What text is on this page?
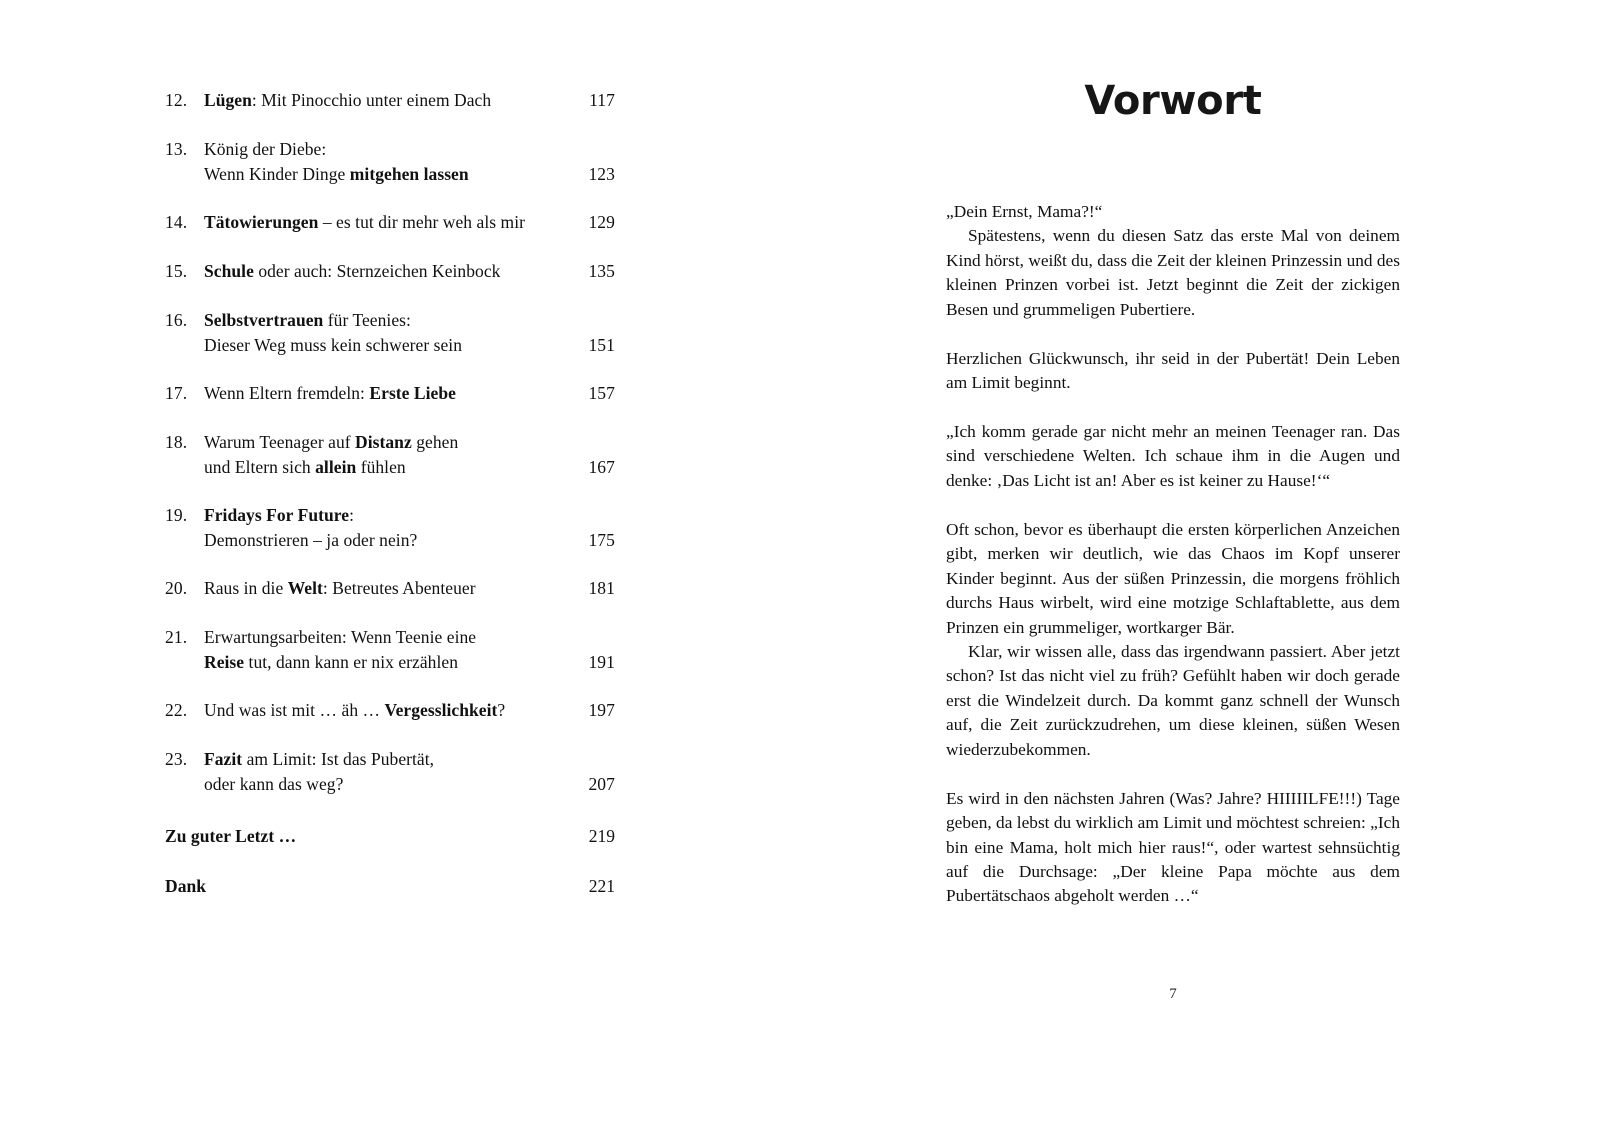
12. Lügen: Mit Pinocchio unter einem Dach	117
13. König der Diebe:
Wenn Kinder Dinge mitgehen lassen	123
14. Tätowierungen – es tut dir mehr weh als mir	129
15. Schule oder auch: Sternzeichen Keinbock	135
16. Selbstvertrauen für Teenies:
Dieser Weg muss kein schwerer sein	151
17. Wenn Eltern fremdeln: Erste Liebe	157
18. Warum Teenager auf Distanz gehen
und Eltern sich allein fühlen	167
19. Fridays For Future:
Demonstrieren – ja oder nein?	175
20. Raus in die Welt: Betreutes Abenteuer	181
21. Erwartungsarbeiten: Wenn Teenie eine
Reise tut, dann kann er nix erzählen	191
22. Und was ist mit … äh … Vergesslichkeit?	197
23. Fazit am Limit: Ist das Pubertät,
oder kann das weg?	207
Zu guter Letzt …	219
Dank	221
Vorwort

„Dein Ernst, Mama?!“

Spätestens, wenn du diesen Satz das erste Mal von deinem Kind hörst, weißt du, dass die Zeit der kleinen Prinzessin und des kleinen Prinzen vorbei ist. Jetzt beginnt die Zeit der zickigen Besen und grummeligen Pubertiere.

Herzlichen Glückwunsch, ihr seid in der Pubertät! Dein Leben am Limit beginnt.

„Ich komm gerade gar nicht mehr an meinen Teenager ran. Das sind verschiedene Welten. Ich schaue ihm in die Augen und denke: ‚Das Licht ist an! Aber es ist keiner zu Hause!‘“

Oft schon, bevor es überhaupt die ersten körperlichen Anzeichen gibt, merken wir deutlich, wie das Chaos im Kopf unserer Kinder beginnt. Aus der süßen Prinzessin, die morgens fröhlich durchs Haus wirbelt, wird eine motzige Schlaftablette, aus dem Prinzen ein grummeliger, wortkarger Bär.

Klar, wir wissen alle, dass das irgendwann passiert. Aber jetzt schon? Ist das nicht viel zu früh? Gefühlt haben wir doch gerade erst die Windelzeit durch. Da kommt ganz schnell der Wunsch auf, die Zeit zurückzudrehen, um diese kleinen, süßen Wesen wiederzubekommen.

Es wird in den nächsten Jahren (Was? Jahre? HIIIIILFE!!!) Tage geben, da lebst du wirklich am Limit und möchtest schreien: „Ich bin eine Mama, holt mich hier raus!“, oder wartest sehnsüchtig auf die Durchsage: „Der kleine Papa möchte aus dem Pubertätschaos abgeholt werden …“

7
